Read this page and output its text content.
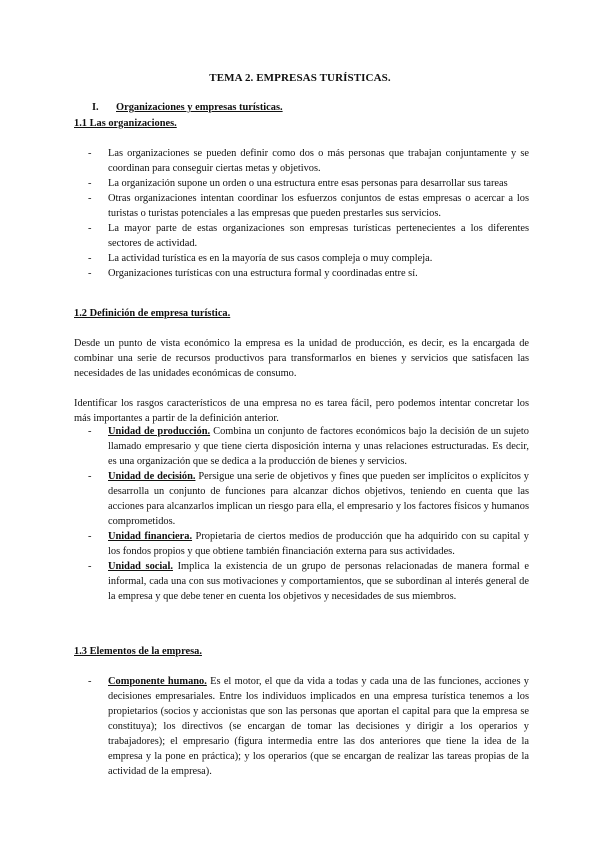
TEMA 2. EMPRESAS TURÍSTICAS.
I. Organizaciones y empresas turísticas.
1.1 Las organizaciones.
- Las organizaciones se pueden definir como dos o más personas que trabajan conjuntamente y se coordinan para conseguir ciertas metas y objetivos.
- La organización supone un orden o una estructura entre esas personas para desarrollar sus tareas
- Otras organizaciones intentan coordinar los esfuerzos conjuntos de estas empresas o acercar a los turistas o turistas potenciales a las empresas que pueden prestarles sus servicios.
- La mayor parte de estas organizaciones son empresas turísticas pertenecientes a los diferentes sectores de actividad.
- La actividad turística es en la mayoría de sus casos compleja o muy compleja.
- Organizaciones turísticas con una estructura formal y coordinadas entre sí.
1.2 Definición de empresa turística.
Desde un punto de vista económico la empresa es la unidad de producción, es decir, es la encargada de combinar una serie de recursos productivos para transformarlos en bienes y servicios que satisfacen las necesidades de las unidades económicas de consumo.
Identificar los rasgos característicos de una empresa no es tarea fácil, pero podemos intentar concretar los más importantes a partir de la definición anterior.
- Unidad de producción. Combina un conjunto de factores económicos bajo la decisión de un sujeto llamado empresario y que tiene cierta disposición interna y unas relaciones estructuradas. Es decir, es una organización que se dedica a la producción de bienes y servicios.
- Unidad de decisión. Persigue una serie de objetivos y fines que pueden ser implícitos o explícitos y desarrolla un conjunto de funciones para alcanzar dichos objetivos, teniendo en cuenta que las acciones para alcanzarlos implican un riesgo para ella, el empresario y los factores físicos y humanos comprometidos.
- Unidad financiera. Propietaria de ciertos medios de producción que ha adquirido con su capital y los fondos propios y que obtiene también financiación externa para sus actividades.
- Unidad social. Implica la existencia de un grupo de personas relacionadas de manera formal e informal, cada una con sus motivaciones y comportamientos, que se subordinan al interés general de la empresa y que debe tener en cuenta los objetivos y necesidades de sus miembros.
1.3 Elementos de la empresa.
- Componente humano. Es el motor, el que da vida a todas y cada una de las funciones, acciones y decisiones empresariales. Entre los individuos implicados en una empresa turística tenemos a los propietarios (socios y accionistas que son las personas que aportan el capital para que la empresa se constituya); los directivos (se encargan de tomar las decisiones y dirigir a los operarios y trabajadores); el empresario (figura intermedia entre las dos anteriores que tiene la idea de la empresa y la pone en práctica); y los operarios (que se encargan de realizar las tareas propias de la actividad de la empresa).
